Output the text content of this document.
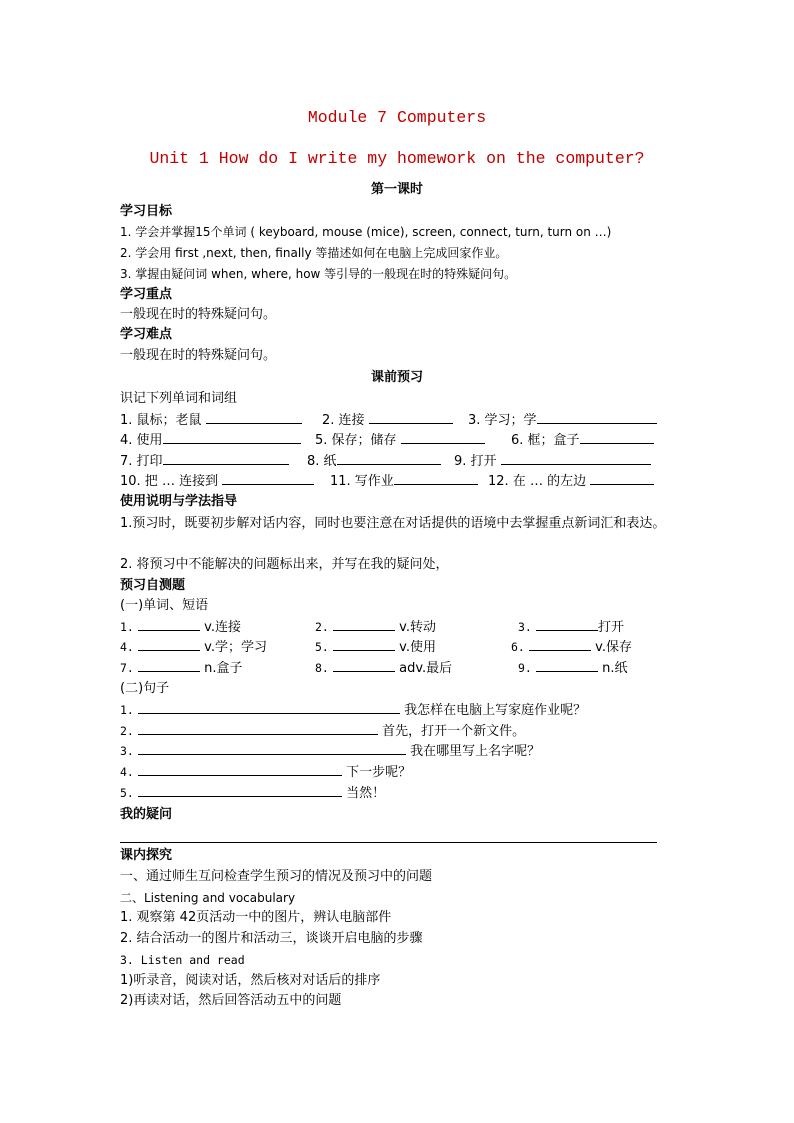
Module 7 Computers
Unit 1 How do I write my homework on the computer?
第一课时
学习目标
1. 学会并掌握15个单词 ( keyboard, mouse (mice), screen, connect, turn, turn on …)
2. 学会用 first ,next, then, finally 等描述如何在电脑上完成回家作业。
3. 掌握由疑问词 when, where, how 等引导的一般现在时的特殊疑问句。
学习重点
一般现在时的特殊疑问句。
学习难点
一般现在时的特殊疑问句。
课前预习
识记下列单词和词组
1. 鼠标；老鼠	2. 连接	3. 学习；学
4. 使用	5. 保存；储存	6. 框；盒子
7. 打印	8. 纸	9. 打开
10. 把 … 连接到	11. 写作业	12. 在 … 的左边
使用说明与学法指导
1.预习时，既要初步解对话内容，同时也要注意在对话提供的语境中去掌握重点新词汇和表达。
2. 将预习中不能解决的问题标出来，并写在我的疑问处，
预习自测题
(一)单词、短语
1.	v.连接	2.	v.转动	3.	打开
4.	v.学；学习	5.	v.使用	6.	v.保存
7.	n.盒子	8.	adv.最后	9.	n.纸
(二)句子
1.	我怎样在电脑上写家庭作业呢？
2.	首先，打开一个新文件。
3.	我在哪里写上名字呢？
4.	下一步呢？
5.	当然！
我的疑问
课内探究
一、通过师生互问检查学生预习的情况及预习中的问题
二、Listening and vocabulary
1. 观察第 42页活动一中的图片，辨认电脑部件
2. 结合活动一的图片和活动三，谈谈开启电脑的步骤
3. Listen and read
1)听录音，阅读对话，然后核对对话后的排序
2)再读对话，然后回答活动五中的问题
